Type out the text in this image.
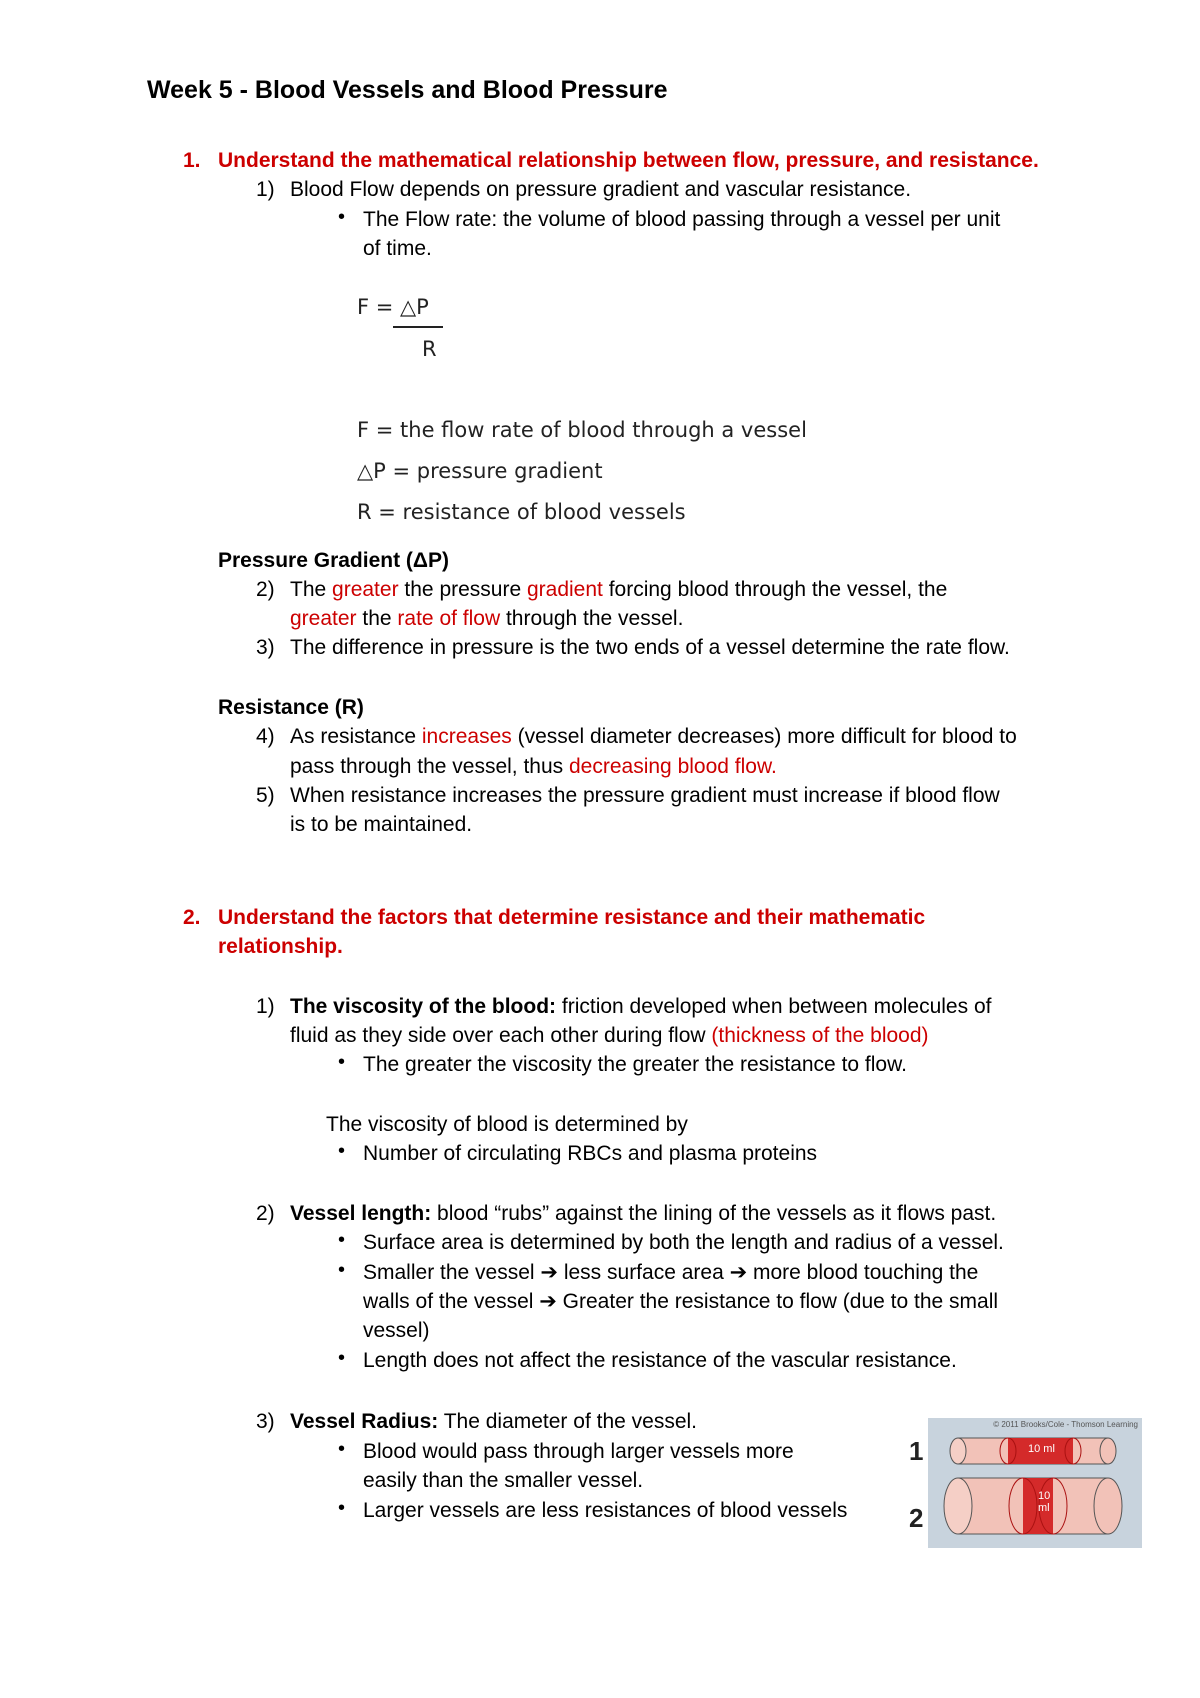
Week 5 - Blood Vessels and Blood Pressure
1. Understand the mathematical relationship between flow, pressure, and resistance.
1) Blood Flow depends on pressure gradient and vascular resistance.
• The Flow rate: the volume of blood passing through a vessel per unit
of time.
F = △P
R
F = the flow rate of blood through a vessel
△P = pressure gradient
R = resistance of blood vessels
Pressure Gradient (ΔP)
2) The greater the pressure gradient forcing blood through the vessel, the
greater the rate of flow through the vessel.
3) The difference in pressure is the two ends of a vessel determine the rate flow.
Resistance (R)
4) As resistance increases (vessel diameter decreases) more difficult for blood to
pass through the vessel, thus decreasing blood flow.
5) When resistance increases the pressure gradient must increase if blood flow
is to be maintained.
2. Understand the factors that determine resistance and their mathematic
relationship.
1) The viscosity of the blood: friction developed when between molecules of
fluid as they side over each other during flow (thickness of the blood)
• The greater the viscosity the greater the resistance to flow.
The viscosity of blood is determined by
• Number of circulating RBCs and plasma proteins
2) Vessel length: blood “rubs” against the lining of the vessels as it flows past.
• Surface area is determined by both the length and radius of a vessel.
• Smaller the vessel ➔ less surface area ➔ more blood touching the
walls of the vessel ➔ Greater the resistance to flow (due to the small
vessel)
• Length does not affect the resistance of the vascular resistance.
3) Vessel Radius: The diameter of the vessel.
• Blood would pass through larger vessels more
easily than the smaller vessel.
• Larger vessels are less resistances of blood vessels
1
2
© 2011 Brooks/Cole - Thomson Learning
10 ml
10
ml
